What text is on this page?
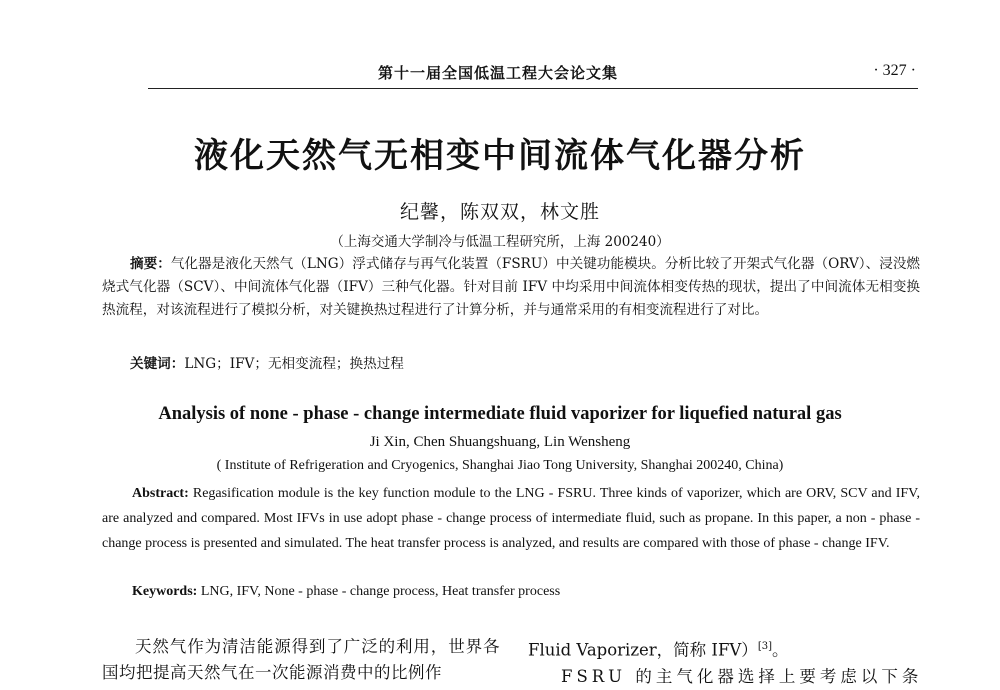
第十一届全国低温工程大会论文集	· 327 ·
液化天然气无相变中间流体气化器分析
纪馨，陈双双，林文胜
（上海交通大学制冷与低温工程研究所，上海 200240）
摘要：气化器是液化天然气（LNG）浮式储存与再气化装置（FSRU）中关键功能模块。分析比较了开架式气化器（ORV）、浸没燃烧式气化器（SCV）、中间流体气化器（IFV）三种气化器。针对目前 IFV 中均采用中间流体相变传热的现状，提出了中间流体无相变换热流程，对该流程进行了模拟分析，对关键换热过程进行了计算分析，并与通常采用的有相变流程进行了对比。
关键词：LNG；IFV；无相变流程；换热过程
Analysis of none - phase - change intermediate fluid vaporizer for liquefied natural gas
Ji Xin, Chen Shuangshuang, Lin Wensheng
( Institute of Refrigeration and Cryogenics, Shanghai Jiao Tong University, Shanghai 200240, China)
Abstract: Regasification module is the key function module to the LNG - FSRU. Three kinds of vaporizer, which are ORV, SCV and IFV, are analyzed and compared. Most IFVs in use adopt phase - change process of intermediate fluid, such as propane. In this paper, a non - phase - change process is presented and simulated. The heat transfer process is analyzed, and results are compared with those of phase - change IFV.
Keywords: LNG, IFV, None - phase - change process, Heat transfer process
天然气作为清洁能源得到了广泛的利用，世界各国均把提高天然气在一次能源消费中的比例作
Fluid Vaporizer，简称 IFV）[3]。
FSRU 的主气化器选择上要考虑以下条
